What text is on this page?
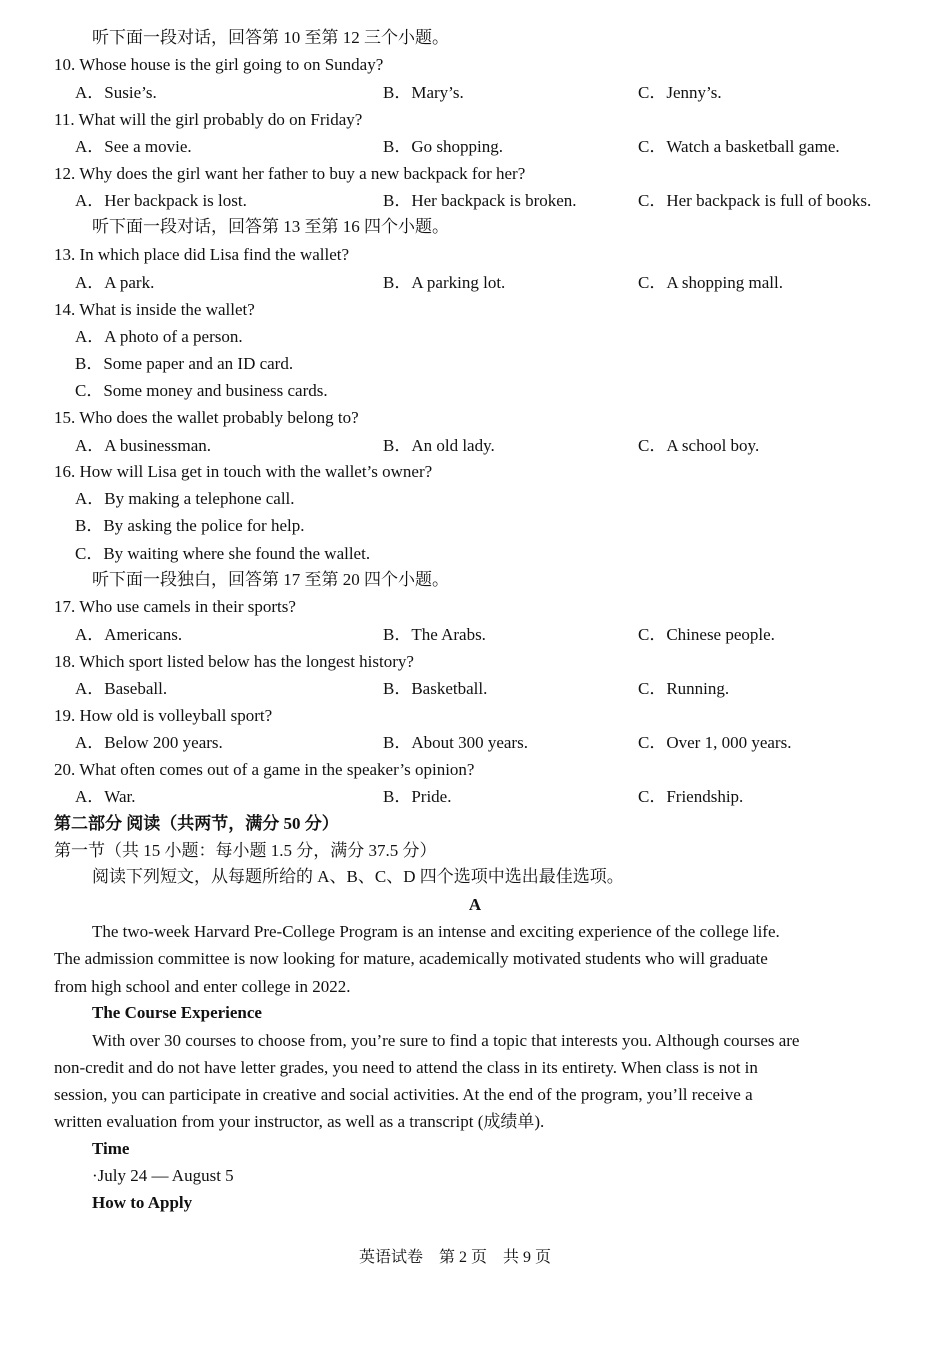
听下面一段对话，回答第 10 至第 12 三个小题。
10. Whose house is the girl going to on Sunday?
A．Susie’s.	B．Mary’s.	C．Jenny’s.
11. What will the girl probably do on Friday?
A．See a movie.	B．Go shopping.	C．Watch a basketball game.
12. Why does the girl want her father to buy a new backpack for her?
A．Her backpack is lost.	B．Her backpack is broken.	C．Her backpack is full of books.
听下面一段对话，回答第 13 至第 16 四个小题。
13. In which place did Lisa find the wallet?
A．A park.	B．A parking lot.	C．A shopping mall.
14. What is inside the wallet?
A．A photo of a person.
B．Some paper and an ID card.
C．Some money and business cards.
15. Who does the wallet probably belong to?
A．A businessman.	B．An old lady.	C．A school boy.
16. How will Lisa get in touch with the wallet’s owner?
A．By making a telephone call.
B．By asking the police for help.
C．By waiting where she found the wallet.
听下面一段独白，回答第 17 至第 20 四个小题。
17. Who use camels in their sports?
A．Americans.	B．The Arabs.	C．Chinese people.
18. Which sport listed below has the longest history?
A．Baseball.	B．Basketball.	C．Running.
19. How old is volleyball sport?
A．Below 200 years.	B．About 300 years.	C．Over 1, 000 years.
20. What often comes out of a game in the speaker’s opinion?
A．War.	B．Pride.	C．Friendship.
第二部分 阅读（共两节，满分 50 分）
第一节（共 15 小题：每小题 1.5 分，满分 37.5 分）
阅读下列短文，从每题所给的 A、B、C、D 四个选项中选出最佳选项。
A
The two-week Harvard Pre-College Program is an intense and exciting experience of the college life.
The admission committee is now looking for mature, academically motivated students who will graduate
from high school and enter college in 2022.
The Course Experience
With over 30 courses to choose from, you’re sure to find a topic that interests you. Although courses are
non-credit and do not have letter grades, you need to attend the class in its entirety. When class is not in
session, you can participate in creative and social activities. At the end of the program, you’ll receive a
written evaluation from your instructor, as well as a transcript (成绩单).
Time
·July 24 — August 5
How to Apply
英语试卷　第 2 页　共 9 页
